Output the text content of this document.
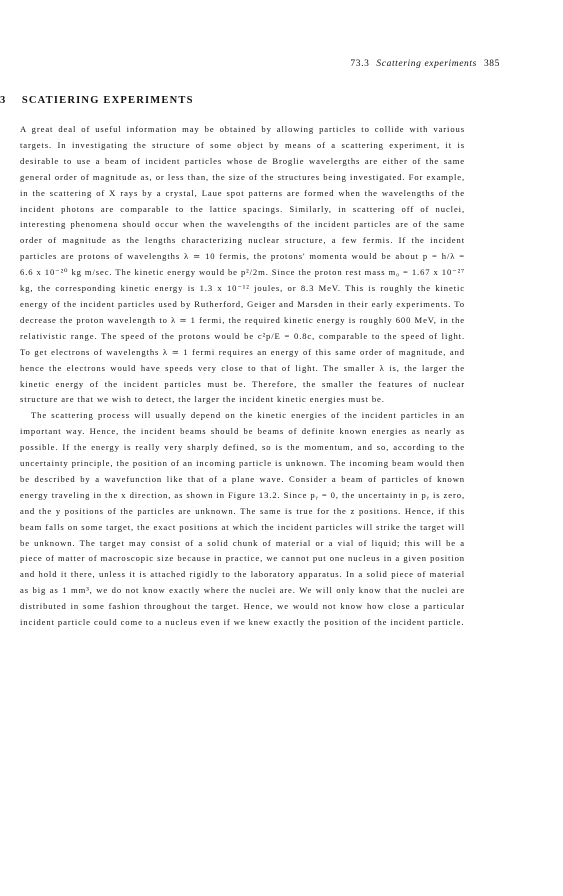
73.3 Scattering experiments 385
3 SCATIERING EXPERIMENTS

A great deal of useful information may be obtained by allowing particles to collide with various targets. In investigating the structure of some object by means of a scattering experiment, it is desirable to use a beam of incident particles whose de Broglie wavelergths are either of the same general order of magnitude as, or less than, the size of the structures being investigated. For example, in the scattering of X rays by a crystal, Laue spot patterns are formed when the wavelengths of the incident photons are comparable to the lattice spacings. Similarly, in scattering off of nuclei, interesting phenomena should occur when the wavelengths of the incident particles are of the same order of magnitude as the lengths characterizing nuclear structure, a few fermis. If the incident particles are protons of wavelengths λ ≃ 10 fermis, the protons' momenta would be about p = h/λ = 6.6 x 10⁻²⁰ kg m/sec. The kinetic energy would be p²/2m. Since the proton rest mass m₀ = 1.67 x 10⁻²⁷ kg, the corresponding kinetic energy is 1.3 x 10⁻¹² joules, or 8.3 MeV. This is roughly the kinetic energy of the incident particles used by Rutherford, Geiger and Marsden in their early experiments. To decrease the proton wavelength to λ ≃ 1 fermi, the required kinetic energy is roughly 600 MeV, in the relativistic range. The speed of the protons would be c²p/E = 0.8c, comparable to the speed of light. To get electrons of wavelengths λ ≃ 1 fermi requires an energy of this same order of magnitude, and hence the electrons would have speeds very close to that of light. The smaller λ is, the larger the kinetic energy of the incident particles must be. Therefore, the smaller the features of nuclear structure are that we wish to detect, the larger the incident kinetic energies must be.

The scattering process will usually depend on the kinetic energies of the incident particles in an important way. Hence, the incident beams should be beams of definite known energies as nearly as possible. If the energy is really very sharply defined, so is the momentum, and so, according to the uncertainty principle, the position of an incoming particle is unknown. The incoming beam would then be described by a wavefunction like that of a plane wave. Consider a beam of particles of known energy traveling in the x direction, as shown in Figure 13.2. Since pᵧ = 0, the uncertainty in pᵧ is zero, and the y positions of the particles are unknown. The same is true for the z positions. Hence, if this beam falls on some target, the exact positions at which the incident particles will strike the target will be unknown. The target may consist of a solid chunk of material or a vial of liquid; this will be a piece of matter of macroscopic size because in practice, we cannot put one nucleus in a given position and hold it there, unless it is attached rigidly to the laboratory apparatus. In a solid piece of material as big as 1 mm³, we do not know exactly where the nuclei are. We will only know that the nuclei are distributed in some fashion throughout the target. Hence, we would not know how close a particular incident particle could come to a nucleus even if we knew exactly the position of the incident particle.
